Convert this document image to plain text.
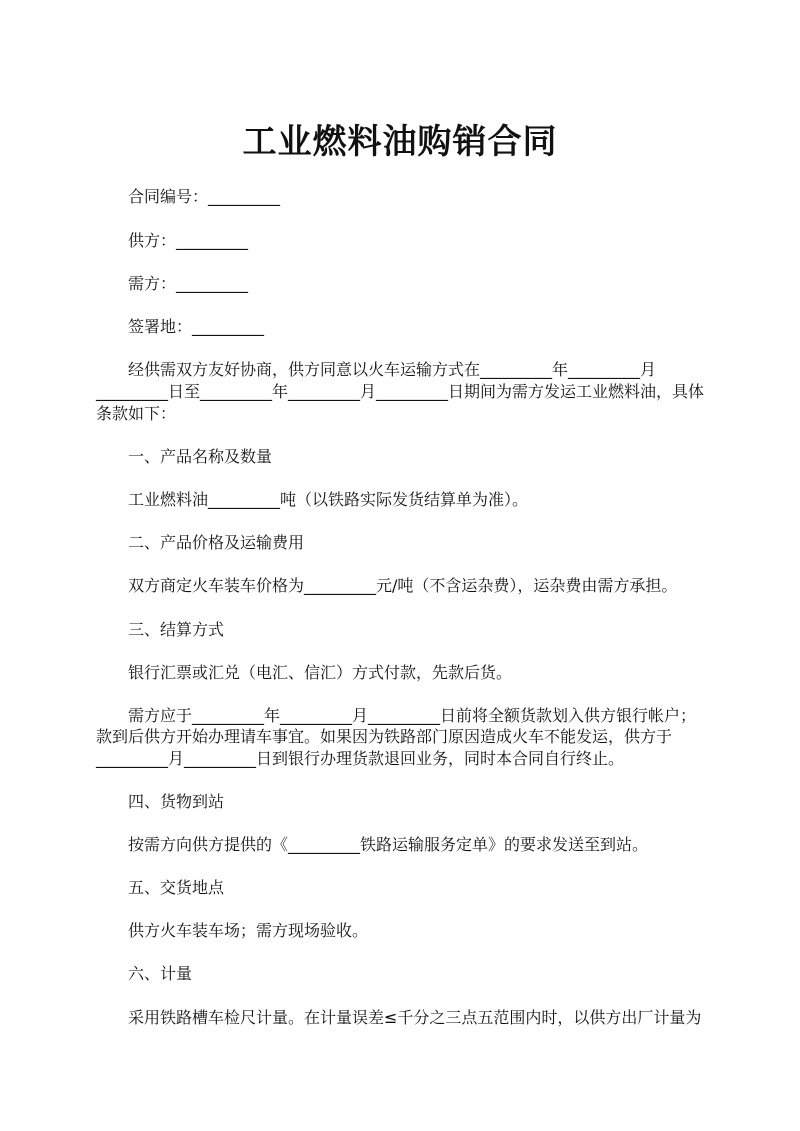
工业燃料油购销合同
合同编号：_________
供方：_________
需方：_________
签署地：_________
经供需双方友好协商，供方同意以火车运输方式在_________年_________月
_________日至_________年_________月_________日期间为需方发运工业燃料油，具体
条款如下：
一、产品名称及数量
工业燃料油_________吨（以铁路实际发货结算单为准）。
二、产品价格及运输费用
双方商定火车装车价格为_________元/吨（不含运杂费），运杂费由需方承担。
三、结算方式
银行汇票或汇兑（电汇、信汇）方式付款，先款后货。
需方应于_________年_________月_________日前将全额货款划入供方银行帐户；
款到后供方开始办理请车事宜。如果因为铁路部门原因造成火车不能发运，供方于
_________月_________日到银行办理货款退回业务，同时本合同自行终止。
四、货物到站
按需方向供方提供的《_________铁路运输服务定单》的要求发送至到站。
五、交货地点
供方火车装车场；需方现场验收。
六、计量
采用铁路槽车检尺计量。在计量误差≤千分之三点五范围内时，以供方出厂计量为
